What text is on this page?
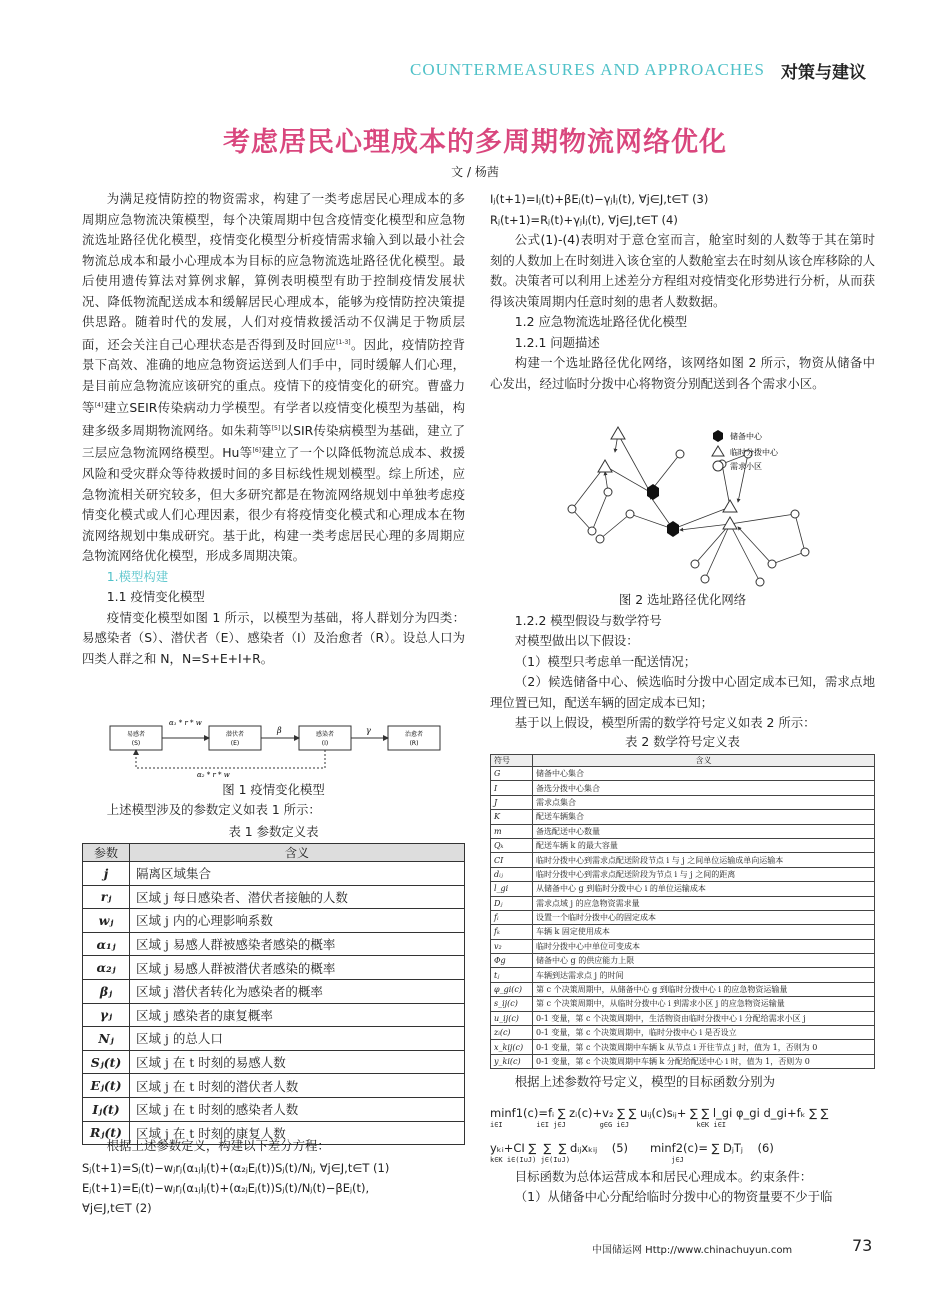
COUNTERMEASURES AND APPROACHES 对策与建议
考虑居民心理成本的多周期物流网络优化
文 / 杨茜

为满足疫情防控的物资需求，构建了一类考虑居民心理成本的多周期应急物流决策模型，每个决策周期中包含疫情变化模型和应急物流选址路径优化模型，疫情变化模型分析疫情需求输入到以最小社会物流总成本和最小心理成本为目标的应急物流选址路径优化模型。最后使用遗传算法对算例求解，算例表明模型有助于控制疫情发展状况、降低物流配送成本和缓解居民心理成本，能够为疫情防控决策提供思路。随着时代的发展，人们对疫情救援活动不仅满足于物质层面，还会关注自己心理状态是否得到及时回应[1-3]。因此，疫情防控背景下高效、准确的地应急物资运送到人们手中，同时缓解人们心理，是目前应急物流应该研究的重点。疫情下的疫情变化的研究。曹盛力等[4]建立SEIR传染病动力学模型。有学者以疫情变化模型为基础，构建多级多周期物流网络。如朱莉等[5]以SIR传染病模型为基础，建立了三层应急物流网络模型。Hu等[6]建立了一个以降低物流总成本、救援风险和受灾群众等待救援时间的多目标线性规划模型。综上所述，应急物流相关研究较多，但大多研究都是在物流网络规划中单独考虑疫情变化模式或人们心理因素，很少有将疫情变化模式和心理成本在物流网络规划中集成研究。基于此，构建一类考虑居民心理的多周期应急物流网络优化模型，形成多周期决策。

1.模型构建

1.1 疫情变化模型

疫情变化模型如图 1 所示，以模型为基础，将人群划分为四类：易感染者（S）、潜伏者（E）、感染者（I）及治愈者（R）。设总人口为四类人群之和 N，N=S+E+I+R。

易感者
(S)
潜伏者
(E)
感染者
(I)
治愈者
(R)
α₁ * r * w
β	γ
α₂ * r * w
图 1 疫情变化模型
上述模型涉及的参数定义如表 1 所示：
表 1 参数定义表
参数	含义
j	隔离区域集合
rⱼ	区域 j 每日感染者、潜伏者接触的人数
wⱼ	区域 j 内的心理影响系数
α₁ⱼ	区域 j 易感人群被感染者感染的概率
α₂ⱼ	区域 j 易感人群被潜伏者感染的概率
βⱼ	区域 j 潜伏者转化为感染者的概率
γⱼ	区域 j 感染者的康复概率
Nⱼ	区域 j 的总人口
Sⱼ(t)	区域 j 在 t 时刻的易感人数
Eⱼ(t)	区域 j 在 t 时刻的潜伏者人数
Iⱼ(t)	区域 j 在 t 时刻的感染者人数
Rⱼ(t)	区域 j 在 t 时刻的康复人数
根据上述参数定义，构建以下差分方程：
Sⱼ(t+1)=Sⱼ(t)−wⱼrⱼ(α₁ⱼIⱼ(t)+(α₂ⱼEⱼ(t))Sⱼ(t)/Nⱼ, ∀j∈J,t∈T (1)
Eⱼ(t+1)=Eⱼ(t)−wⱼrⱼ(α₁ⱼIⱼ(t)+(α₂ⱼEⱼ(t))Sⱼ(t)/Nⱼ(t)−βEⱼ(t),
∀j∈J,t∈T (2)

Iⱼ(t+1)=Iⱼ(t)+βEⱼ(t)−γⱼIⱼ(t), ∀j∈J,t∈T (3)

Rⱼ(t+1)=Rⱼ(t)+γⱼIⱼ(t), ∀j∈J,t∈T (4)

公式(1)-(4)表明对于意仓室而言，舱室时刻的人数等于其在第时刻的人数加上在时刻进入该仓室的人数舱室去在时刻从该仓库移除的人数。决策者可以利用上述差分方程组对疫情变化形势进行分析，从而获得该决策周期内任意时刻的患者人数数据。

1.2 应急物流选址路径优化模型

1.2.1 问题描述

构建一个选址路径优化网络，该网络如图 2 所示，物资从储备中心发出，经过临时分拨中心将物资分别配送到各个需求小区。

储备中心
临时分拨中心
需求小区

图 2 选址路径优化网络

1.2.2 模型假设与数学符号

对模型做出以下假设：

（1）模型只考虑单一配送情况；

（2）候选储备中心、候选临时分拨中心固定成本已知，需求点地理位置已知，配送车辆的固定成本已知；

基于以上假设，模型所需的数学符号定义如表 2 所示：

表 2 数学符号定义表

符号	含义
G	储备中心集合
I	备选分拨中心集合
J	需求点集合
K	配送车辆集合
m	备选配送中心数量
Qₖ	配送车辆 k 的最大容量
CI	临时分拨中心到需求点配送阶段节点 i 与 j 之间单位运输成单向运输本
dᵢⱼ	临时分拨中心到需求点配送阶段为节点 i 与 j 之间的距离
l_gi	从储备中心 g 到临时分拨中心 i 的单位运输成本
Dⱼ	需求点域 j 的应急物资需求量
fᵢ	设置一个临时分拨中心的固定成本
fₖ	车辆 k 固定使用成本
v₂	临时分拨中心中单位可变成本
Φg	储备中心 g 的供应能力上限
tⱼ	车辆到达需求点 j 的时间
φ_gi(c)	第 c 个决策周期中，从储备中心 g 到临时分拨中心 i 的应急物资运输量
s_ij(c)	第 c 个决策周期中，从临时分拨中心 i 到需求小区 j 的应急物资运输量
u_ij(c)	0-1 变量，第 c 个决策周期中，生活物资由临时分拨中心 i 分配给需求小区 j
zᵢ(c)	0-1 变量，第 c 个决策周期中，临时分拨中心 i 是否设立
x_kij(c)	0-1 变量，第 c 个决策周期中车辆 k 从节点 i 开往节点 j 时，值为 1，否则为 0
y_ki(c)	0-1 变量，第 c 个决策周期中车辆 k 分配给配送中心 i 时，值为 1，否则为 0

根据上述参数符号定义，模型的目标函数分别为

minf1(c)=fᵢ ∑ zᵢ(c)+v₂ ∑ ∑ uᵢⱼ(c)sᵢⱼ+ ∑ ∑ l_gi φ_gi d_gi+fₖ ∑ ∑

i∈I        i∈I j∈J        g∈G i∈J                k∈K i∈I

yₖᵢ+CI ∑  ∑  ∑ dᵢⱼxₖᵢⱼ    (5)      minf2(c)= ∑ DⱼTⱼ    (6)

k∈K i∈(I∪J) j∈(I∪J)                        j∈J

目标函数为总体运营成本和居民心理成本。约束条件：

（1）从储备中心分配给临时分拨中心的物资量要不少于临

中国储运网 Http://www.chinachuyun.com	73
